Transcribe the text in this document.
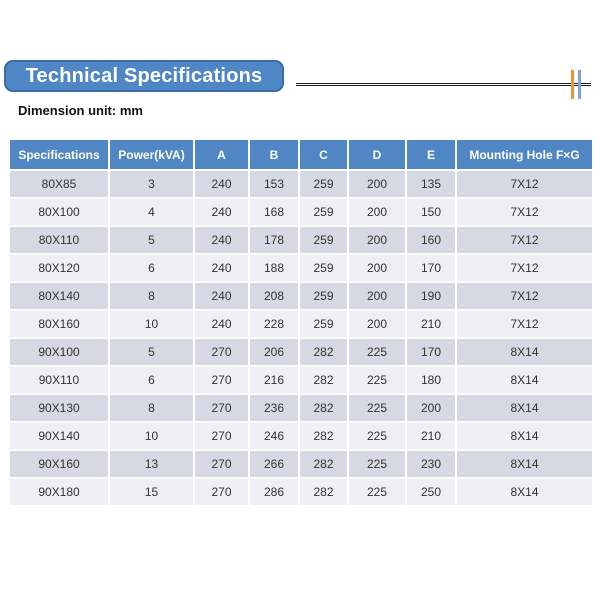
Technical Specifications
Dimension unit: mm
Specifications	Power(kVA)	A	B	C	D	E	Mounting Hole F×G
80X85	3	240	153	259	200	135	7X12
80X100	4	240	168	259	200	150	7X12
80X110	5	240	178	259	200	160	7X12
80X120	6	240	188	259	200	170	7X12
80X140	8	240	208	259	200	190	7X12
80X160	10	240	228	259	200	210	7X12
90X100	5	270	206	282	225	170	8X14
90X110	6	270	216	282	225	180	8X14
90X130	8	270	236	282	225	200	8X14
90X140	10	270	246	282	225	210	8X14
90X160	13	270	266	282	225	230	8X14
90X180	15	270	286	282	225	250	8X14
